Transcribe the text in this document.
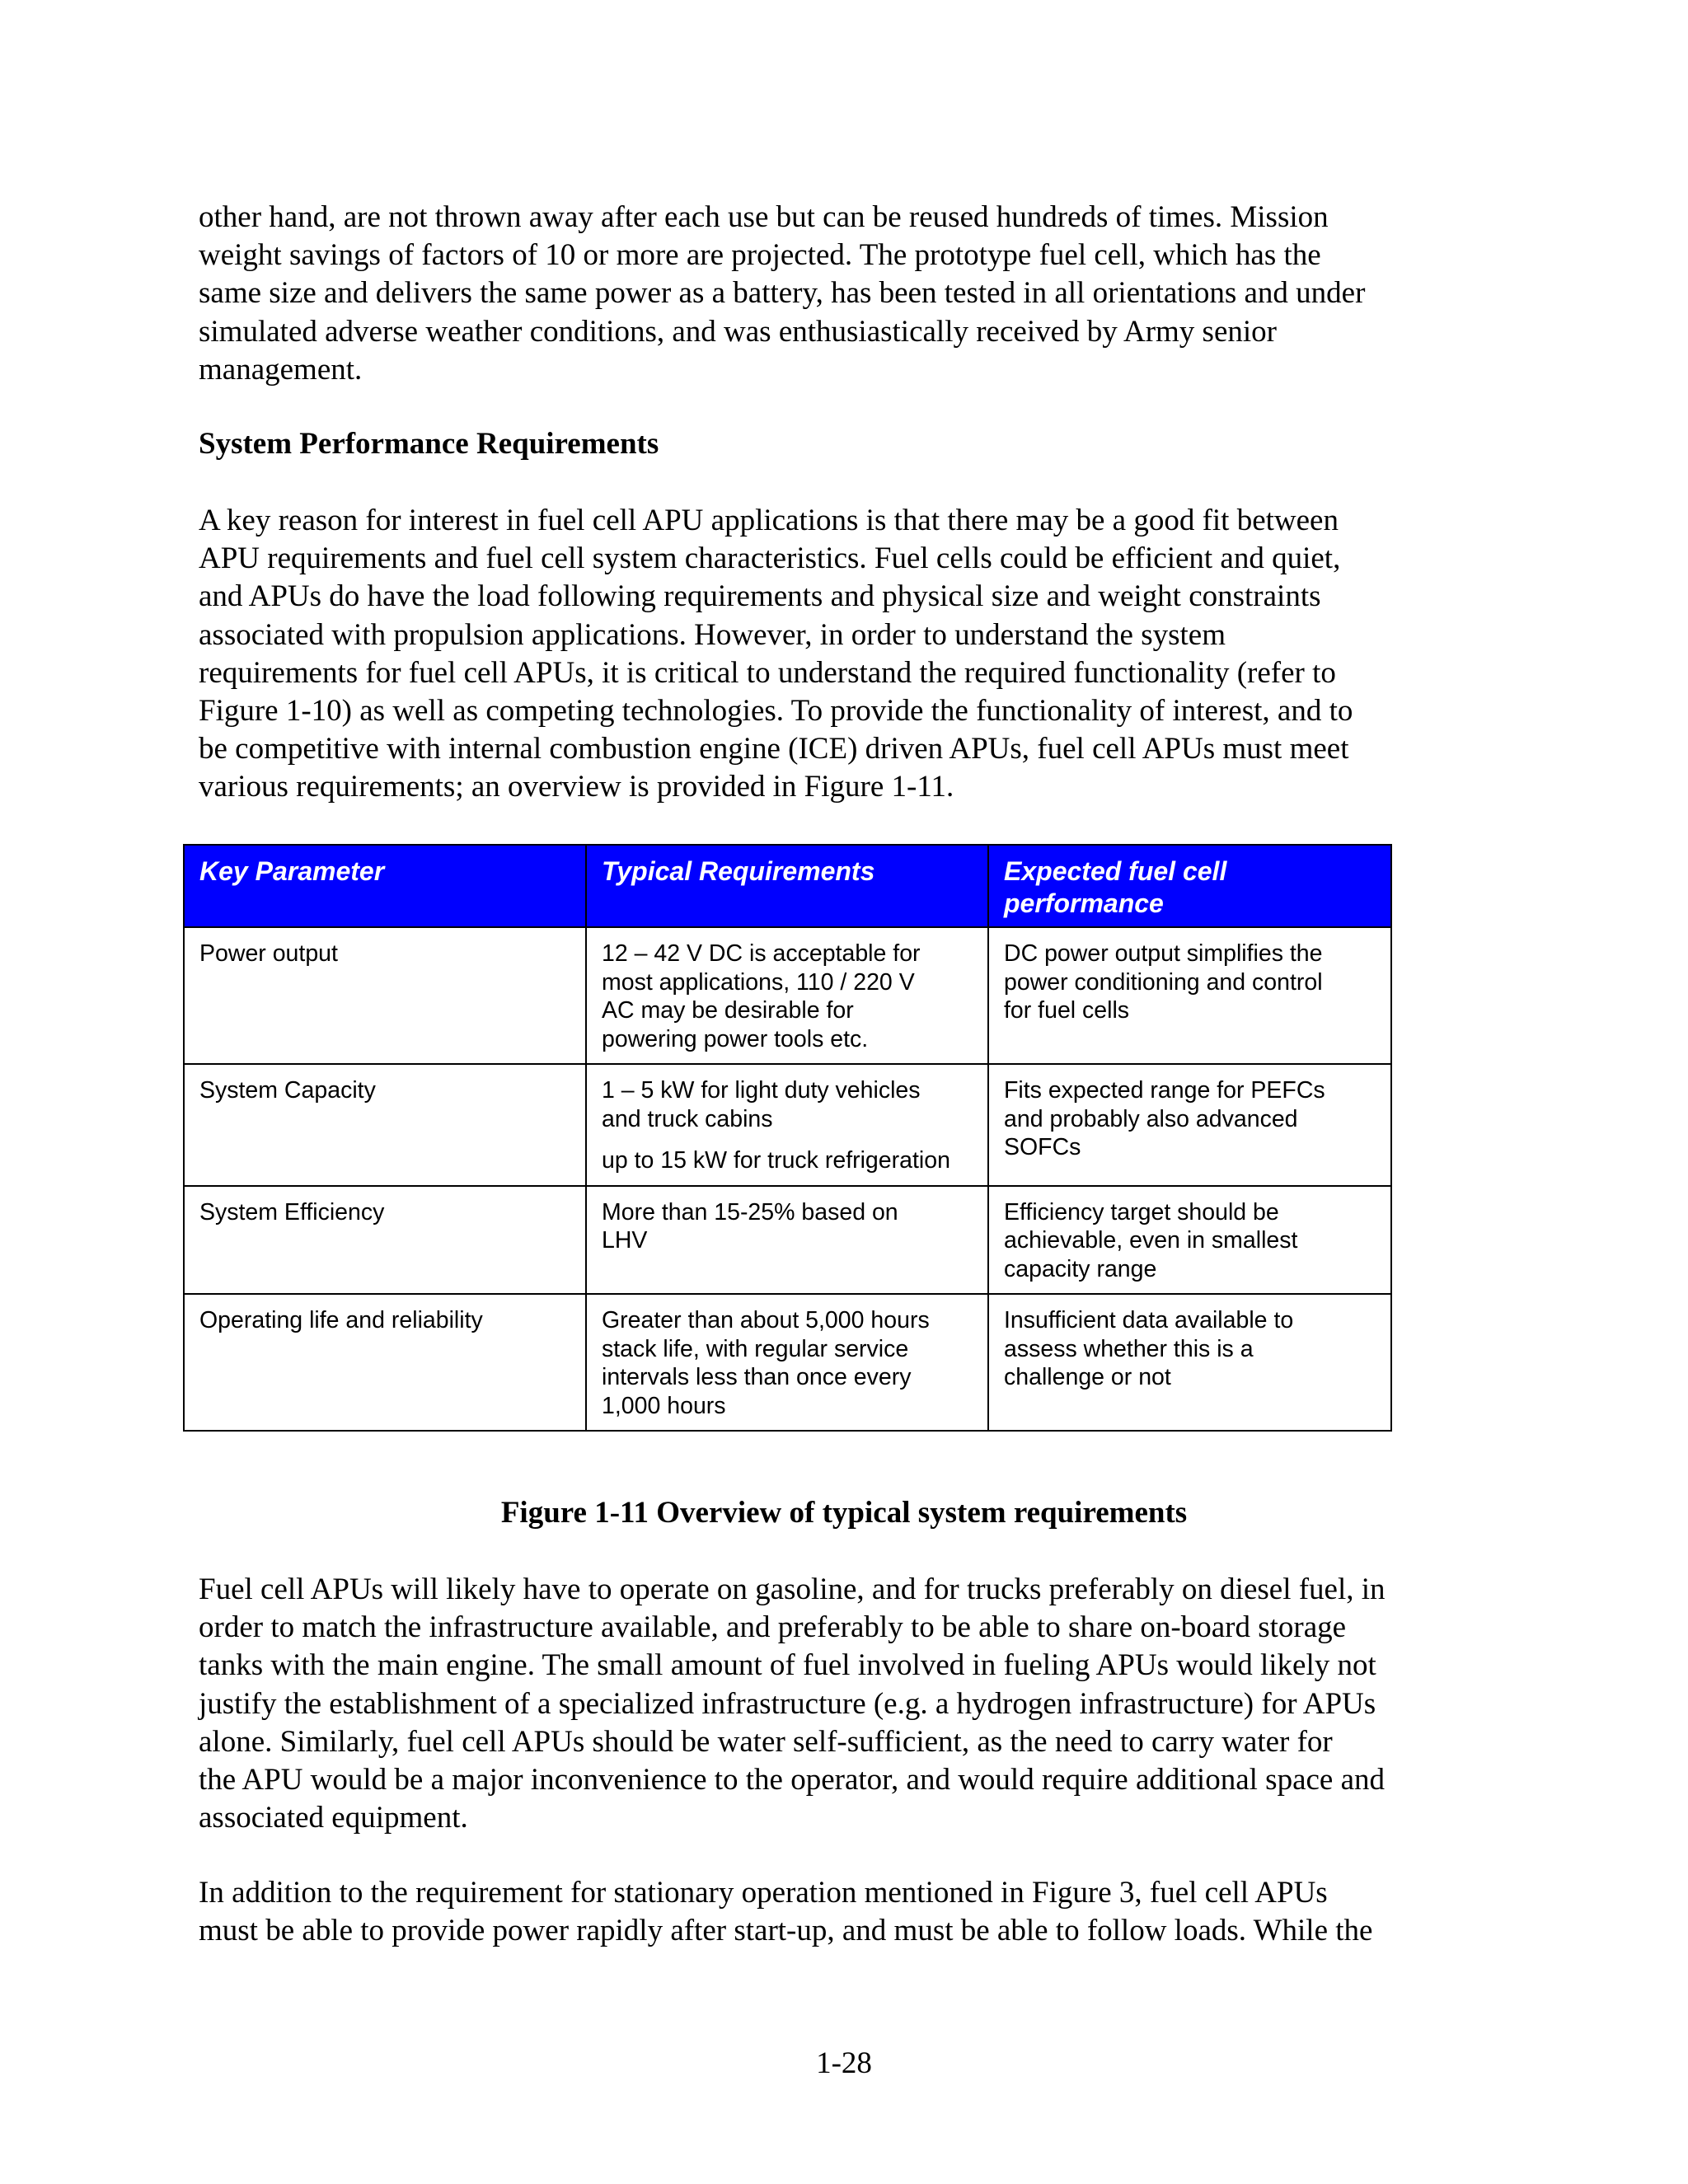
other hand, are not thrown away after each use but can be reused hundreds of times. Mission
weight savings of factors of 10 or more are projected. The prototype fuel cell, which has the
same size and delivers the same power as a battery, has been tested in all orientations and under
simulated adverse weather conditions, and was enthusiastically received by Army senior
management.

System Performance Requirements

A key reason for interest in fuel cell APU applications is that there may be a good fit between
APU requirements and fuel cell system characteristics. Fuel cells could be efficient and quiet,
and APUs do have the load following requirements and physical size and weight constraints
associated with propulsion applications. However, in order to understand the system
requirements for fuel cell APUs, it is critical to understand the required functionality (refer to
Figure 1-10) as well as competing technologies. To provide the functionality of interest, and to
be competitive with internal combustion engine (ICE) driven APUs, fuel cell APUs must meet
various requirements; an overview is provided in Figure 1-11.

Key Parameter	Typical Requirements	Expected fuel cell performance
Power output	12 – 42 V DC is acceptable for
most applications, 110 / 220 V
AC may be desirable for
powering power tools etc.	DC power output simplifies the
power conditioning and control
for fuel cells

System Capacity	1 – 5 kW for light duty vehicles
and truck cabins
up to 15 kW for truck refrigeration	Fits expected range for PEFCs
and probably also advanced
SOFCs

System Efficiency	More than 15-25% based on
LHV	Efficiency target should be
achievable, even in smallest
capacity range

Operating life and reliability	Greater than about 5,000 hours
stack life, with regular service
intervals less than once every
1,000 hours	Insufficient data available to
assess whether this is a
challenge or not

Figure 1-11 Overview of typical system requirements

Fuel cell APUs will likely have to operate on gasoline, and for trucks preferably on diesel fuel, in
order to match the infrastructure available, and preferably to be able to share on-board storage
tanks with the main engine. The small amount of fuel involved in fueling APUs would likely not
justify the establishment of a specialized infrastructure (e.g. a hydrogen infrastructure) for APUs
alone. Similarly, fuel cell APUs should be water self-sufficient, as the need to carry water for
the APU would be a major inconvenience to the operator, and would require additional space and
associated equipment.

In addition to the requirement for stationary operation mentioned in Figure 3, fuel cell APUs
must be able to provide power rapidly after start-up, and must be able to follow loads. While the

1-28
